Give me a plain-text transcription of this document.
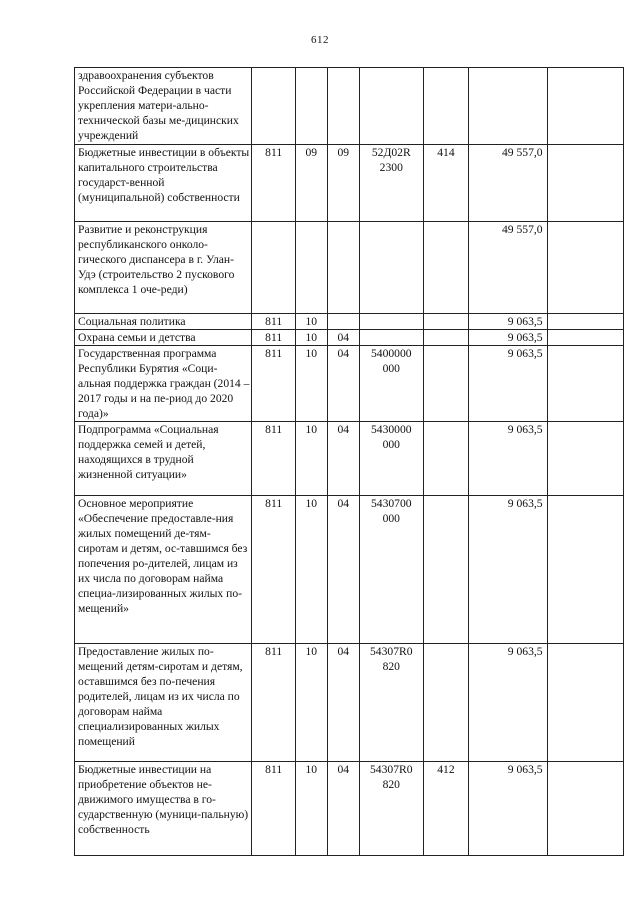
612
здравоохранения субъектов Российской Федерации в части укрепления матери-ально-технической базы ме-дицинских учреждений							
Бюджетные инвестиции в объекты капитального строительства государст-венной (муниципальной) собственности	811	09	09	52Д02R 2300	414	49 557,0	
Развитие и реконструкция республиканского онколо-гического диспансера в г. Улан-Удэ (строительство 2 пускового комплекса 1 оче-реди)						49 557,0	
Социальная политика	811	10				9 063,5	
Охрана семьи и детства	811	10	04			9 063,5	
Государственная программа Республики Бурятия «Соци-альная поддержка граждан (2014 – 2017 годы и на пе-риод до 2020 года)»	811	10	04	5400000 000		9 063,5	
Подпрограмма «Социальная поддержка семей и детей, находящихся в трудной жизненной ситуации»	811	10	04	5430000 000		9 063,5	
Основное мероприятие «Обеспечение предоставле-ния жилых помещений де-тям-сиротам и детям, ос-тавшимся без попечения ро-дителей, лицам из их числа по договорам найма специа-лизированных жилых по-мещений»	811	10	04	5430700 000		9 063,5	
Предоставление жилых по-мещений детям-сиротам и детям, оставшимся без по-печения родителей, лицам из их числа по договорам найма специализированных жилых помещений	811	10	04	54307R0 820		9 063,5	
Бюджетные инвестиции на приобретение объектов не-движимого имущества в го-сударственную (муници-пальную) собственность	811	10	04	54307R0 820	412	9 063,5	
